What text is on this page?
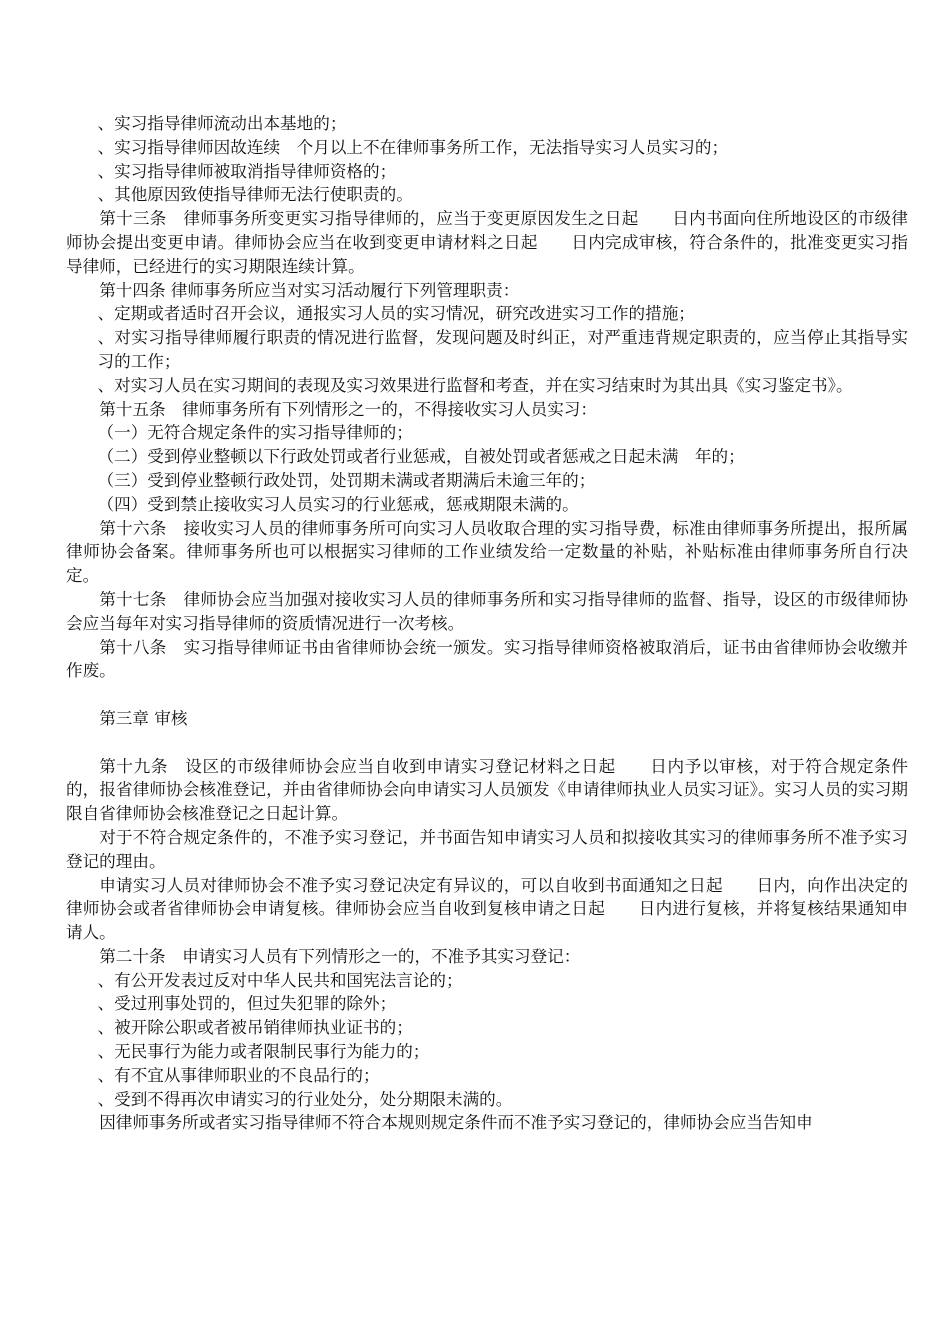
、实习指导律师流动出本基地的；

、实习指导律师因故连续　个月以上不在律师事务所工作，无法指导实习人员实习的；

、实习指导律师被取消指导律师资格的；

、其他原因致使指导律师无法行使职责的。

第十三条　律师事务所变更实习指导律师的，应当于变更原因发生之日起　　日内书面向住所地设区的市级律师协会提出变更申请。律师协会应当在收到变更申请材料之日起　　日内完成审核，符合条件的，批准变更实习指导律师，已经进行的实习期限连续计算。

第十四条 律师事务所应当对实习活动履行下列管理职责：

、定期或者适时召开会议，通报实习人员的实习情况，研究改进实习工作的措施；

、对实习指导律师履行职责的情况进行监督，发现问题及时纠正，对严重违背规定职责的，应当停止其指导实习的工作；

、对实习人员在实习期间的表现及实习效果进行监督和考查，并在实习结束时为其出具《实习鉴定书》。

第十五条　律师事务所有下列情形之一的，不得接收实习人员实习：

（一）无符合规定条件的实习指导律师的；

（二）受到停业整顿以下行政处罚或者行业惩戒，自被处罚或者惩戒之日起未满　年的；

（三）受到停业整顿行政处罚，处罚期未满或者期满后未逾三年的；

（四）受到禁止接收实习人员实习的行业惩戒，惩戒期限未满的。

第十六条　接收实习人员的律师事务所可向实习人员收取合理的实习指导费，标准由律师事务所提出，报所属律师协会备案。律师事务所也可以根据实习律师的工作业绩发给一定数量的补贴，补贴标准由律师事务所自行决定。

第十七条　律师协会应当加强对接收实习人员的律师事务所和实习指导律师的监督、指导，设区的市级律师协会应当每年对实习指导律师的资质情况进行一次考核。

第十八条　实习指导律师证书由省律师协会统一颁发。实习指导律师资格被取消后，证书由省律师协会收缴并作废。

第三章 审核

第十九条　设区的市级律师协会应当自收到申请实习登记材料之日起　　日内予以审核，对于符合规定条件的，报省律师协会核准登记，并由省律师协会向申请实习人员颁发《申请律师执业人员实习证》。实习人员的实习期限自省律师协会核准登记之日起计算。

对于不符合规定条件的，不准予实习登记，并书面告知申请实习人员和拟接收其实习的律师事务所不准予实习登记的理由。

申请实习人员对律师协会不准予实习登记决定有异议的，可以自收到书面通知之日起　　日内，向作出决定的律师协会或者省律师协会申请复核。律师协会应当自收到复核申请之日起　　日内进行复核，并将复核结果通知申请人。

第二十条　申请实习人员有下列情形之一的，不准予其实习登记：

、有公开发表过反对中华人民共和国宪法言论的；

、受过刑事处罚的，但过失犯罪的除外；

、被开除公职或者被吊销律师执业证书的；

、无民事行为能力或者限制民事行为能力的；

、有不宜从事律师职业的不良品行的；

、受到不得再次申请实习的行业处分，处分期限未满的。

因律师事务所或者实习指导律师不符合本规则规定条件而不准予实习登记的，律师协会应当告知申
